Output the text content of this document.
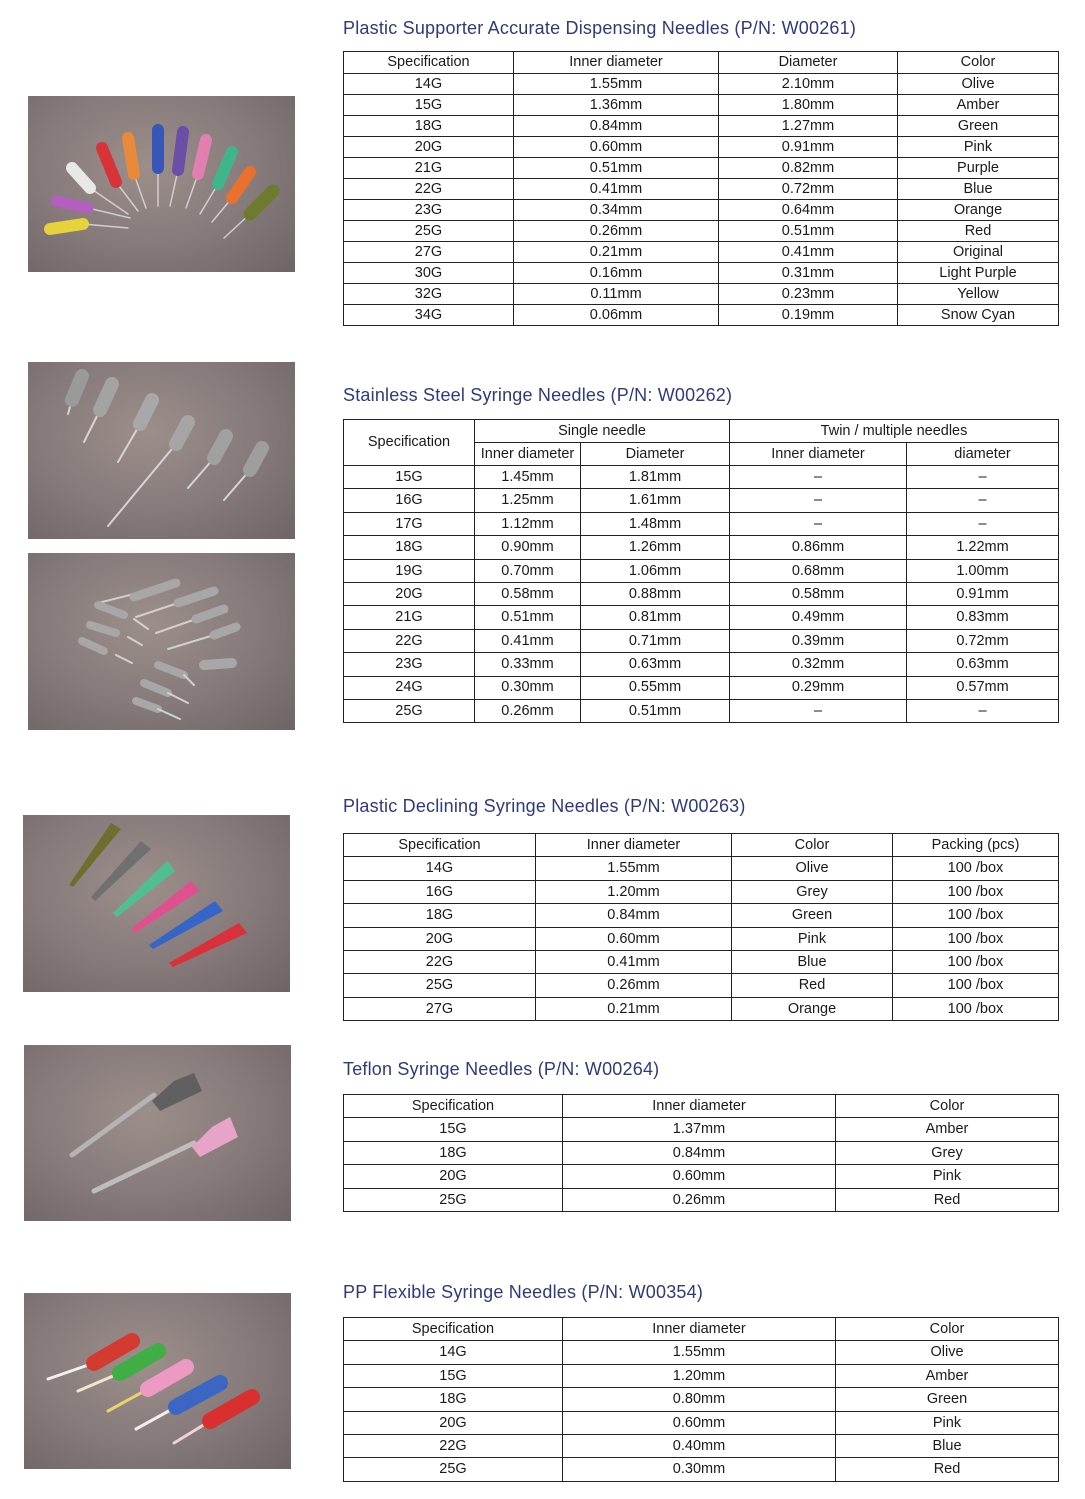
Plastic Supporter Accurate Dispensing Needles (P/N: W00261)
Specification	Inner diameter	Diameter	Color
14G	1.55mm	2.10mm	Olive
15G	1.36mm	1.80mm	Amber
18G	0.84mm	1.27mm	Green
20G	0.60mm	0.91mm	Pink
21G	0.51mm	0.82mm	Purple
22G	0.41mm	0.72mm	Blue
23G	0.34mm	0.64mm	Orange
25G	0.26mm	0.51mm	Red
27G	0.21mm	0.41mm	Original
30G	0.16mm	0.31mm	Light Purple
32G	0.11mm	0.23mm	Yellow
34G	0.06mm	0.19mm	Snow Cyan
Stainless Steel Syringe Needles (P/N: W00262)
Specification	Single needle		Twin / multiple needles	
	Inner diameter	Diameter	Inner diameter	diameter
15G	1.45mm	1.81mm	–	–
16G	1.25mm	1.61mm	–	–
17G	1.12mm	1.48mm	–	–
18G	0.90mm	1.26mm	0.86mm	1.22mm
19G	0.70mm	1.06mm	0.68mm	1.00mm
20G	0.58mm	0.88mm	0.58mm	0.91mm
21G	0.51mm	0.81mm	0.49mm	0.83mm
22G	0.41mm	0.71mm	0.39mm	0.72mm
23G	0.33mm	0.63mm	0.32mm	0.63mm
24G	0.30mm	0.55mm	0.29mm	0.57mm
25G	0.26mm	0.51mm	–	–
Plastic Declining Syringe Needles (P/N: W00263)
Specification	Inner diameter	Color	Packing (pcs)
14G	1.55mm	Olive	100 /box
16G	1.20mm	Grey	100 /box
18G	0.84mm	Green	100 /box
20G	0.60mm	Pink	100 /box
22G	0.41mm	Blue	100 /box
25G	0.26mm	Red	100 /box
27G	0.21mm	Orange	100 /box
Teflon Syringe Needles (P/N: W00264)
Specification	Inner diameter	Color
15G	1.37mm	Amber
18G	0.84mm	Grey
20G	0.60mm	Pink
25G	0.26mm	Red
PP Flexible Syringe Needles (P/N: W00354)
Specification	Inner diameter	Color
14G	1.55mm	Olive
15G	1.20mm	Amber
18G	0.80mm	Green
20G	0.60mm	Pink
22G	0.40mm	Blue
25G	0.30mm	Red
